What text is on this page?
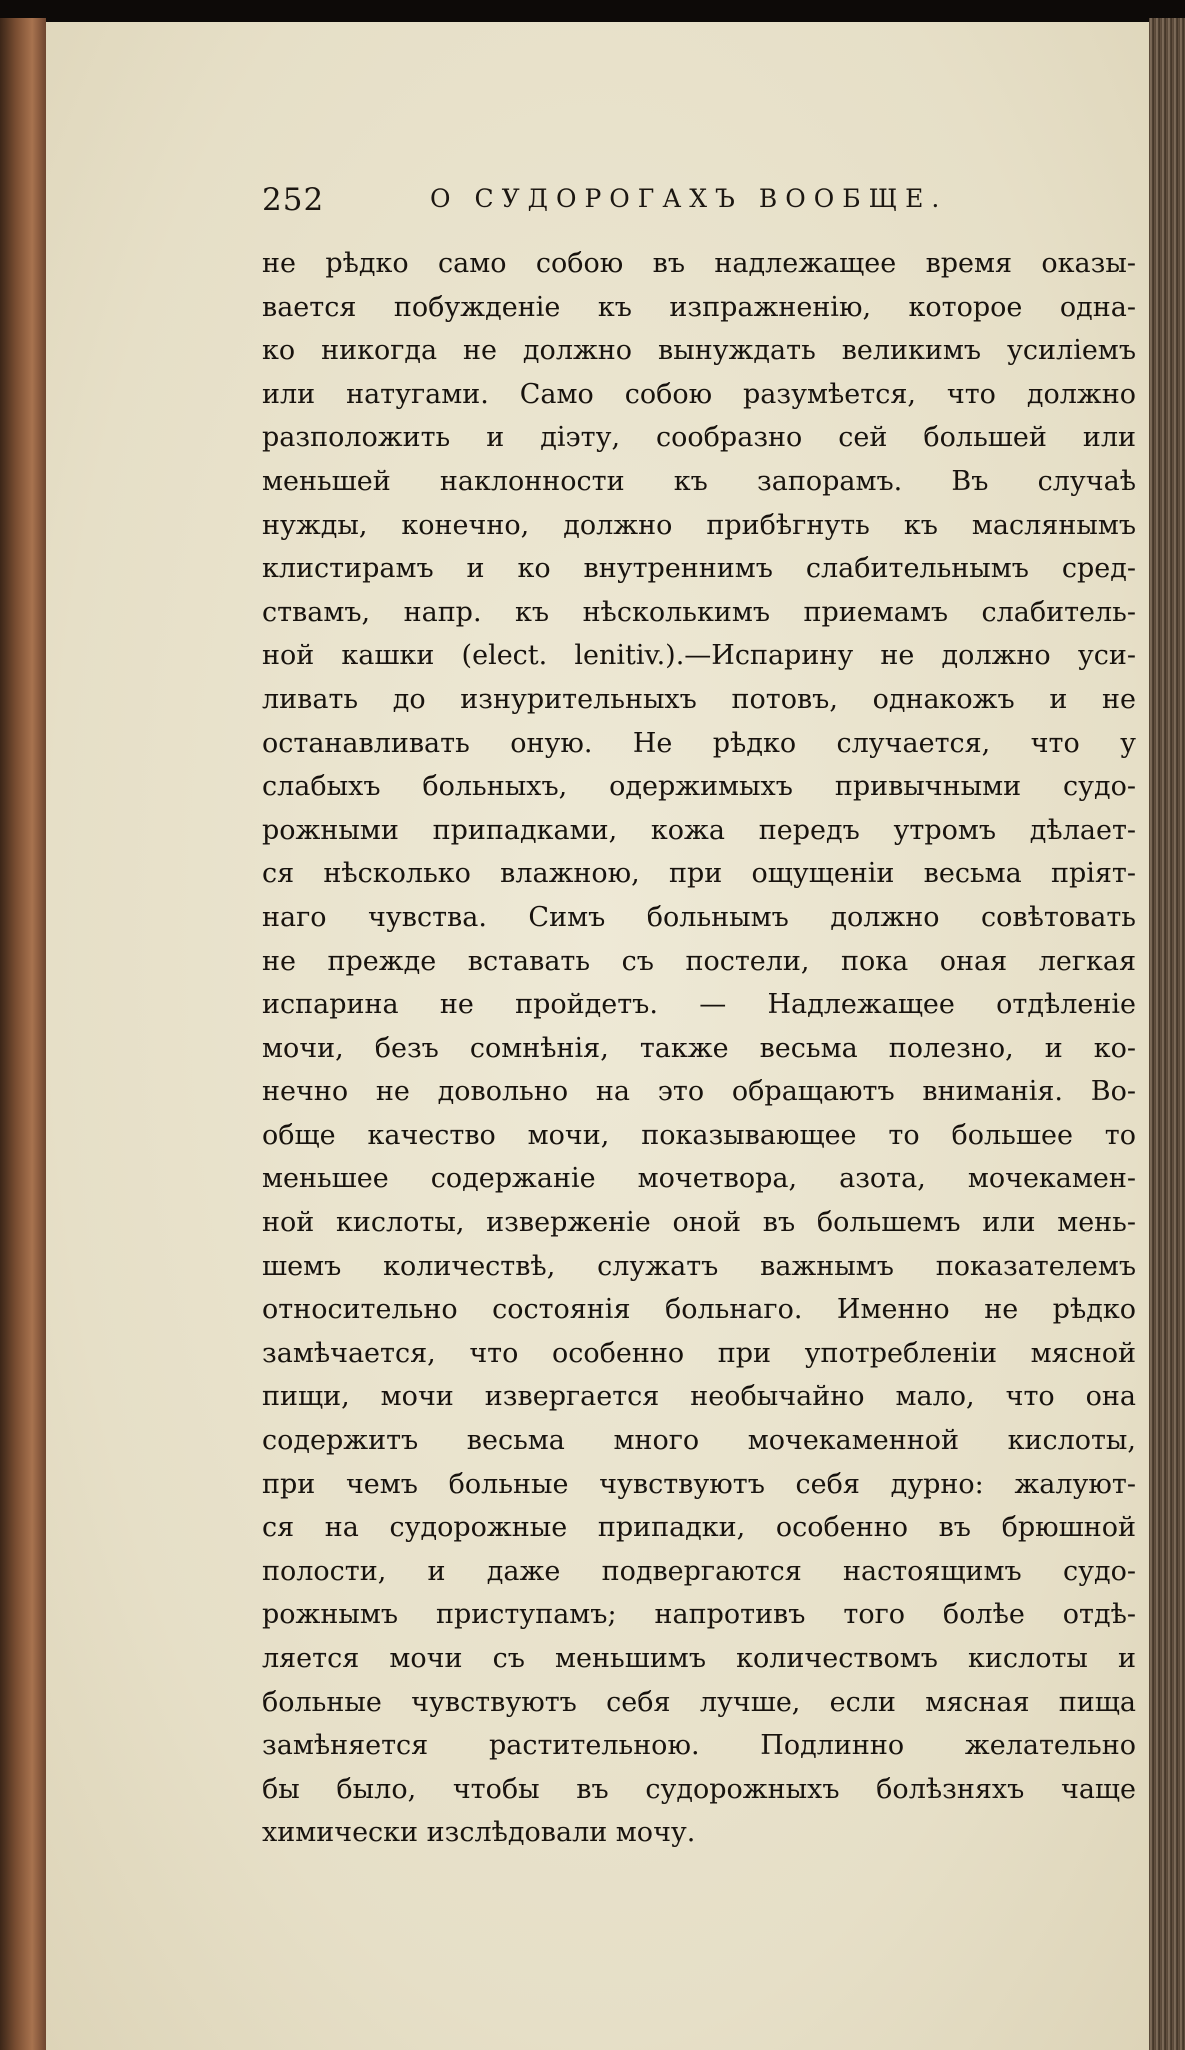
252	О СУДОРОГАХЪ ВООБЩЕ.
не рѣдко само собою въ надлежащее время оказы-
вается побужденіе къ изпражненію, которое одна-
ко никогда не должно вынуждать великимъ усиліемъ
или натугами. Само собою разумѣется, что должно
разположить и діэту, сообразно сей большей или
меньшей наклонности къ запорамъ. Въ случаѣ
нужды, конечно, должно прибѣгнуть къ маслянымъ
клистирамъ и ко внутреннимъ слабительнымъ сред-
ствамъ, напр. къ нѣсколькимъ приемамъ слабитель-
ной кашки (elect. lenitiv.).—Испарину не должно уси-
ливать до изнурительныхъ потовъ, однакожъ и не
останавливать оную. Не рѣдко случается, что у
слабыхъ больныхъ, одержимыхъ привычными судо-
рожными припадками, кожа передъ утромъ дѣлает-
ся нѣсколько влажною, при ощущеніи весьма пріят-
наго чувства. Симъ больнымъ должно совѣтовать
не прежде вставать съ постели, пока оная легкая
испарина не пройдетъ. — Надлежащее отдѣленіе
мочи, безъ сомнѣнія, также весьма полезно, и ко-
нечно не довольно на это обращаютъ вниманія. Во-
обще качество мочи, показывающее то большее то
меньшее содержаніе мочетвора, азота, мочекамен-
ной кислоты, изверженіе оной въ большемъ или мень-
шемъ количествѣ, служатъ важнымъ показателемъ
относительно состоянія больнаго. Именно не рѣдко
замѣчается, что особенно при употребленіи мясной
пищи, мочи извергается необычайно мало, что она
содержитъ весьма много мочекаменной кислоты,
при чемъ больные чувствуютъ себя дурно: жалуют-
ся на судорожные припадки, особенно въ брюшной
полости, и даже подвергаются настоящимъ судо-
рожнымъ приступамъ; напротивъ того болѣе отдѣ-
ляется мочи съ меньшимъ количествомъ кислоты и
больные чувствуютъ себя лучше, если мясная пища
замѣняется растительною. Подлинно желательно
бы было, чтобы въ судорожныхъ болѣзняхъ чаще
химически изслѣдовали мочу.
